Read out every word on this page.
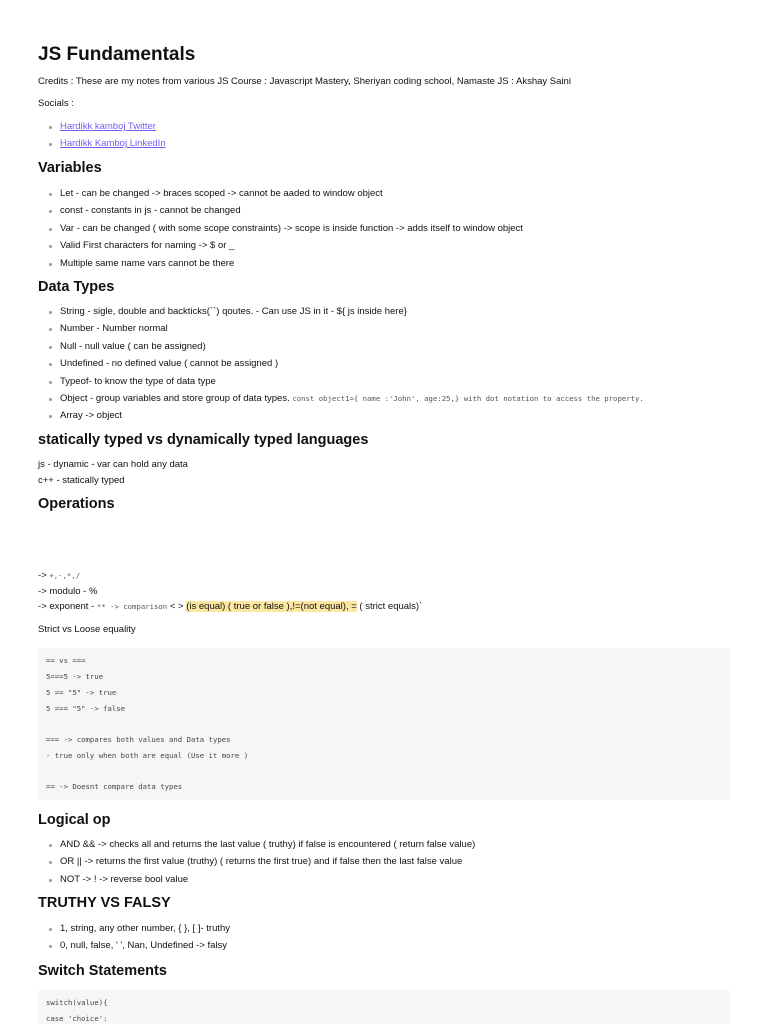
JS Fundamentals

Credits : These are my notes from various JS Course : Javascript Mastery, Sheriyan coding school, Namaste JS : Akshay Saini

Socials :

Hardikk kamboj Twitter
Hardikk Kamboj LinkedIn
Variables
Let - can be changed -> braces scoped -> cannot be aaded to window object
const - constants in js - cannot be changed
Var - can be changed ( with some scope constraints) -> scope is inside function -> adds itself to window object
Valid First characters for naming -> $ or _
Multiple same name vars cannot be there
Data Types
String - sigle, double and backticks(``) qoutes. - Can use JS in it - ${ js inside here}
Number - Number normal
Null - null value ( can be assigned)
Undefined - no defined value ( cannot be assigned )
Typeof- to know the type of data type
Object - group variables and store group of data types. const object1={ name :'John', age:25,} with dot notation to access the property.
Array -> object
statically typed vs dynamically typed languages

js - dynamic - var can hold any data

c++ - statically typed

Operations

-> +,-,*,/

-> modulo - %

-> exponent - ** -> comparison < > (is equal) ( true or false ),!=(not equal), = ( strict equals)`

Strict vs Loose equality

== vs ===
5===5 -> true
5 == "5" -> true
5 === "5" -> false
=== -> compares both values and Data types
- true only when both are equal (Use it more )
== -> Doesnt compare data types
Logical op
AND && -> checks all and returns the last value ( truthy) if false is encountered ( return false value)
OR || -> returns the first value (truthy) ( returns the first true) and if false then the last false value
NOT -> ! -> reverse bool value
TRUTHY VS FALSY
1, string, any other number, { }, [ ]- truthy
0, null, false, ' ', Nan, Undefined -> falsy
Switch Statements
switch(value){
case 'choice':
